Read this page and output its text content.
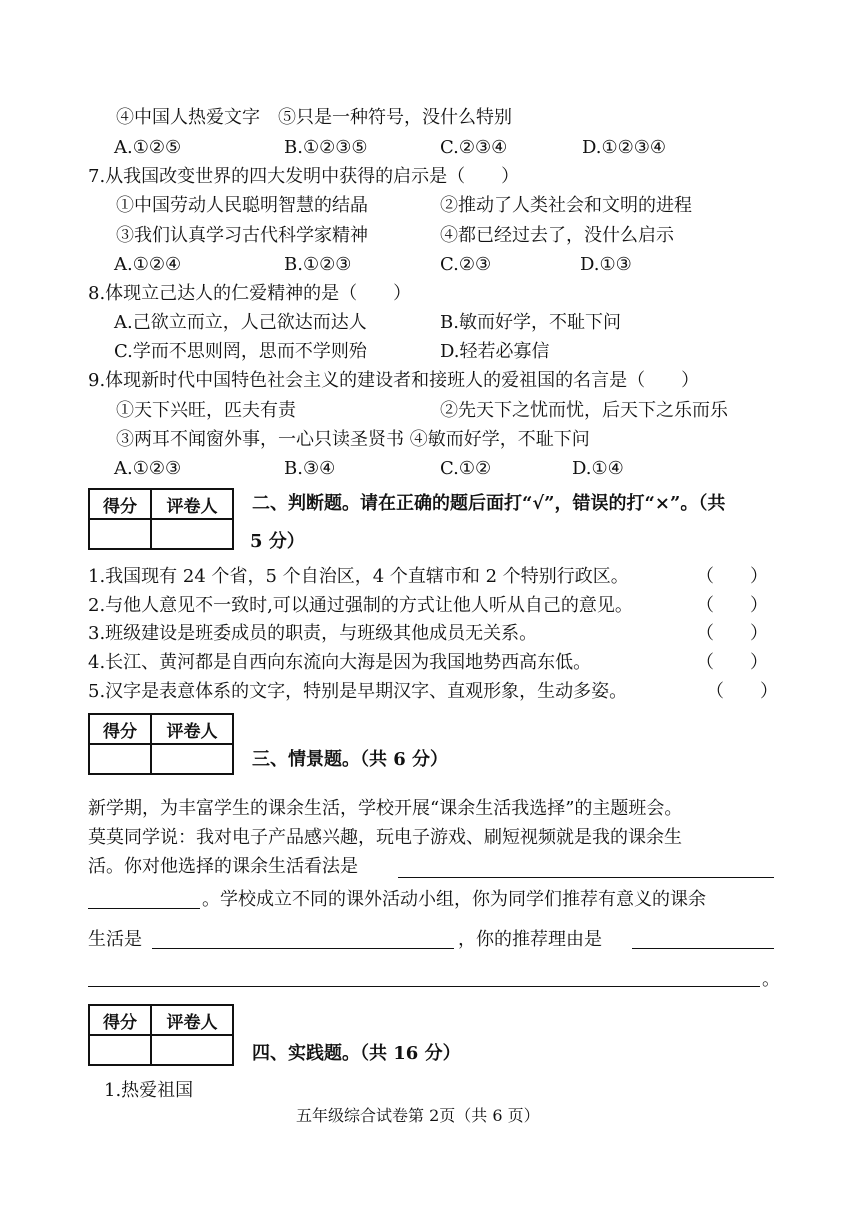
④中国人热爱文字　⑤只是一种符号，没什么特别
A.①②⑤	B.①②③⑤	C.②③④	D.①②③④
7.从我国改变世界的四大发明中获得的启示是（　　）
①中国劳动人民聪明智慧的结晶	②推动了人类社会和文明的进程
③我们认真学习古代科学家精神	④都已经过去了，没什么启示
A.①②④	B.①②③	C.②③	D.①③
8.体现立己达人的仁爱精神的是（　　）
A.己欲立而立，人己欲达而达人	B.敏而好学，不耻下问
C.学而不思则罔，思而不学则殆	D.轻若必寡信
9.体现新时代中国特色社会主义的建设者和接班人的爱祖国的名言是（　　）
①天下兴旺，匹夫有责	②先天下之忧而忧，后天下之乐而乐
③两耳不闻窗外事，一心只读圣贤书 ④敏而好学，不耻下问
A.①②③	B.③④	C.①②	D.①④
得分	评卷人
	二、判断题。请在正确的题后面打“√”，错误的打“×”。（共
5 分）
1.我国现有 24 个省，5 个自治区，4 个直辖市和 2 个特别行政区。	（　　）
2.与他人意见不一致时,可以通过强制的方式让他人听从自己的意见。	（　　）
3.班级建设是班委成员的职责，与班级其他成员无关系。	（　　）
4.长江、黄河都是自西向东流向大海是因为我国地势西高东低。	（　　）
5.汉字是表意体系的文字，特别是早期汉字、直观形象，生动多姿。	（　　）
得分	评卷人

三、情景题。（共 6 分）
新学期，为丰富学生的课余生活，学校开展“课余生活我选择”的主题班会。
莫莫同学说：我对电子产品感兴趣，玩电子游戏、刷短视频就是我的课余生
活。你对他选择的课余生活看法是
。学校成立不同的课外活动小组，你为同学们推荐有意义的课余
生活是	，你的推荐理由是
。
得分	评卷人

四、实践题。（共 16 分）
1.热爱祖国
五年级综合试卷第 2页（共 6 页）
